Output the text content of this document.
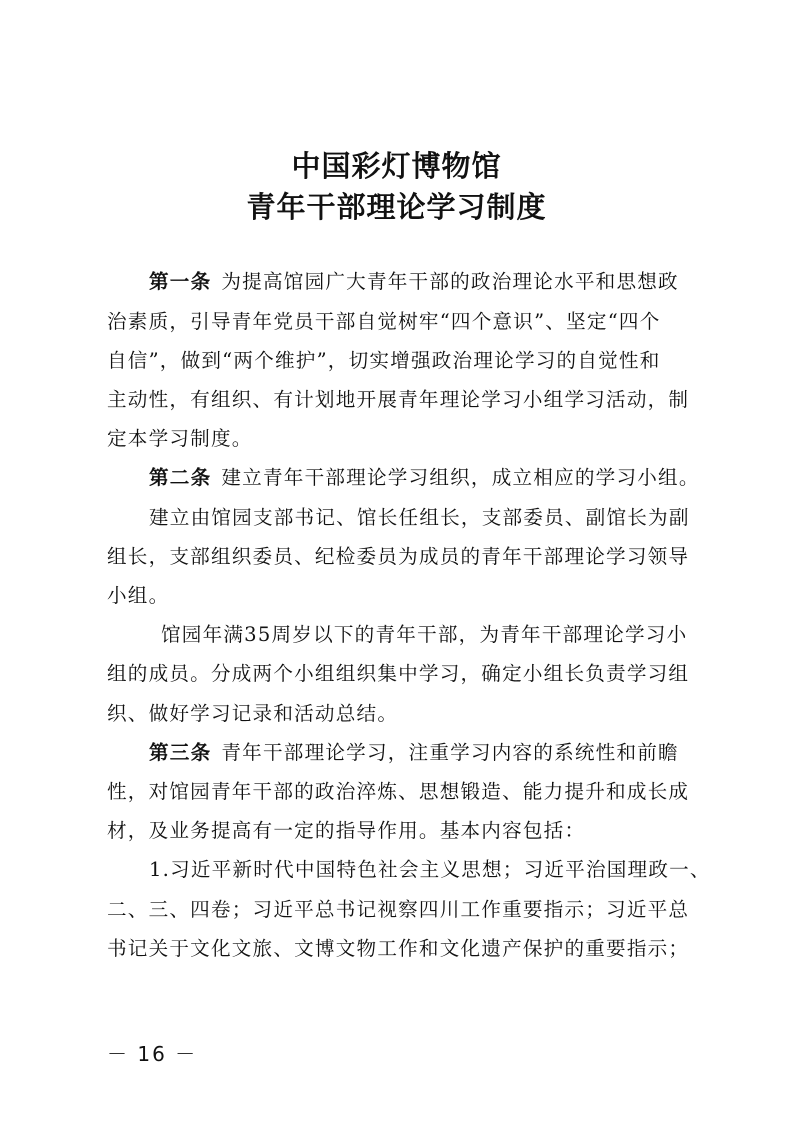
中国彩灯博物馆
青年干部理论学习制度
第一条 为提高馆园广大青年干部的政治理论水平和思想政
治素质，引导青年党员干部自觉树牢“四个意识”、坚定“四个
自信”，做到“两个维护”，切实增强政治理论学习的自觉性和
主动性，有组织、有计划地开展青年理论学习小组学习活动，制
定本学习制度。
第二条 建立青年干部理论学习组织，成立相应的学习小组。
建立由馆园支部书记、馆长任组长，支部委员、副馆长为副
组长，支部组织委员、纪检委员为成员的青年干部理论学习领导
小组。
馆园年满35周岁以下的青年干部，为青年干部理论学习小
组的成员。分成两个小组组织集中学习，确定小组长负责学习组
织、做好学习记录和活动总结。
第三条 青年干部理论学习，注重学习内容的系统性和前瞻
性，对馆园青年干部的政治淬炼、思想锻造、能力提升和成长成
材，及业务提高有一定的指导作用。基本内容包括：
1.习近平新时代中国特色社会主义思想；习近平治国理政一、
二、三、四卷；习近平总书记视察四川工作重要指示；习近平总
书记关于文化文旅、文博文物工作和文化遗产保护的重要指示；
－ 16 －
